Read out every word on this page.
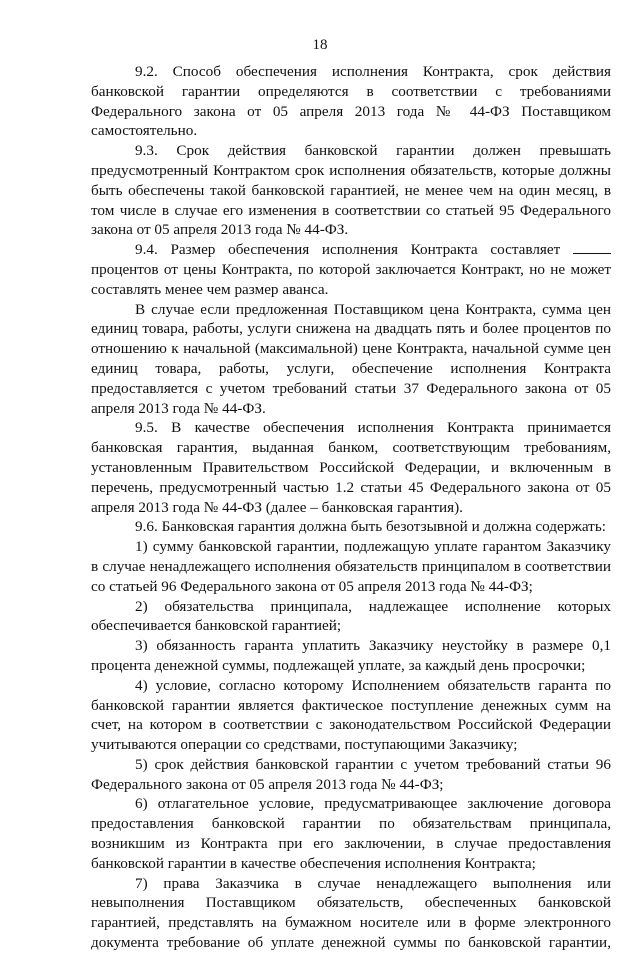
18

9.2. Способ обеспечения исполнения Контракта, срок действия банковской гарантии определяются в соответствии с требованиями Федерального закона от 05 апреля 2013 года № 44-ФЗ Поставщиком самостоятельно.

9.3. Срок действия банковской гарантии должен превышать предусмотренный Контрактом срок исполнения обязательств, которые должны быть обеспечены такой банковской гарантией, не менее чем на один месяц, в том числе в случае его изменения в соответствии со статьей 95 Федерального закона от 05 апреля 2013 года № 44-ФЗ.

9.4. Размер обеспечения исполнения Контракта составляет  процентов от цены Контракта, по которой заключается Контракт, но не может составлять менее чем размер аванса.

В случае если предложенная Поставщиком цена Контракта, сумма цен единиц товара, работы, услуги снижена на двадцать пять и более процентов по отношению к начальной (максимальной) цене Контракта, начальной сумме цен единиц товара, работы, услуги, обеспечение исполнения Контракта предоставляется с учетом требований статьи 37 Федерального закона от 05 апреля 2013 года № 44-ФЗ.

9.5. В качестве обеспечения исполнения Контракта принимается банковская гарантия, выданная банком, соответствующим требованиям, установленным Правительством Российской Федерации, и включенным в перечень, предусмотренный частью 1.2 статьи 45 Федерального закона от 05 апреля 2013 года № 44-ФЗ (далее – банковская гарантия).

9.6. Банковская гарантия должна быть безотзывной и должна содержать:

1) сумму банковской гарантии, подлежащую уплате гарантом Заказчику в случае ненадлежащего исполнения обязательств принципалом в соответствии со статьей 96 Федерального закона от 05 апреля 2013 года № 44-ФЗ;

2) обязательства принципала, надлежащее исполнение которых обеспечивается банковской гарантией;

3) обязанность гаранта уплатить Заказчику неустойку в размере 0,1 процента денежной суммы, подлежащей уплате, за каждый день просрочки;

4) условие, согласно которому Исполнением обязательств гаранта по банковской гарантии является фактическое поступление денежных сумм на счет, на котором в соответствии с законодательством Российской Федерации учитываются операции со средствами, поступающими Заказчику;

5) срок действия банковской гарантии с учетом требований статьи 96 Федерального закона от 05 апреля 2013 года № 44-ФЗ;

6) отлагательное условие, предусматривающее заключение договора предоставления банковской гарантии по обязательствам принципала, возникшим из Контракта при его заключении, в случае предоставления банковской гарантии в качестве обеспечения исполнения Контракта;

7) права Заказчика в случае ненадлежащего выполнения или невыполнения Поставщиком обязательств, обеспеченных банковской гарантией, представлять на бумажном носителе или в форме электронного документа требование об уплате денежной суммы по банковской гарантии,
